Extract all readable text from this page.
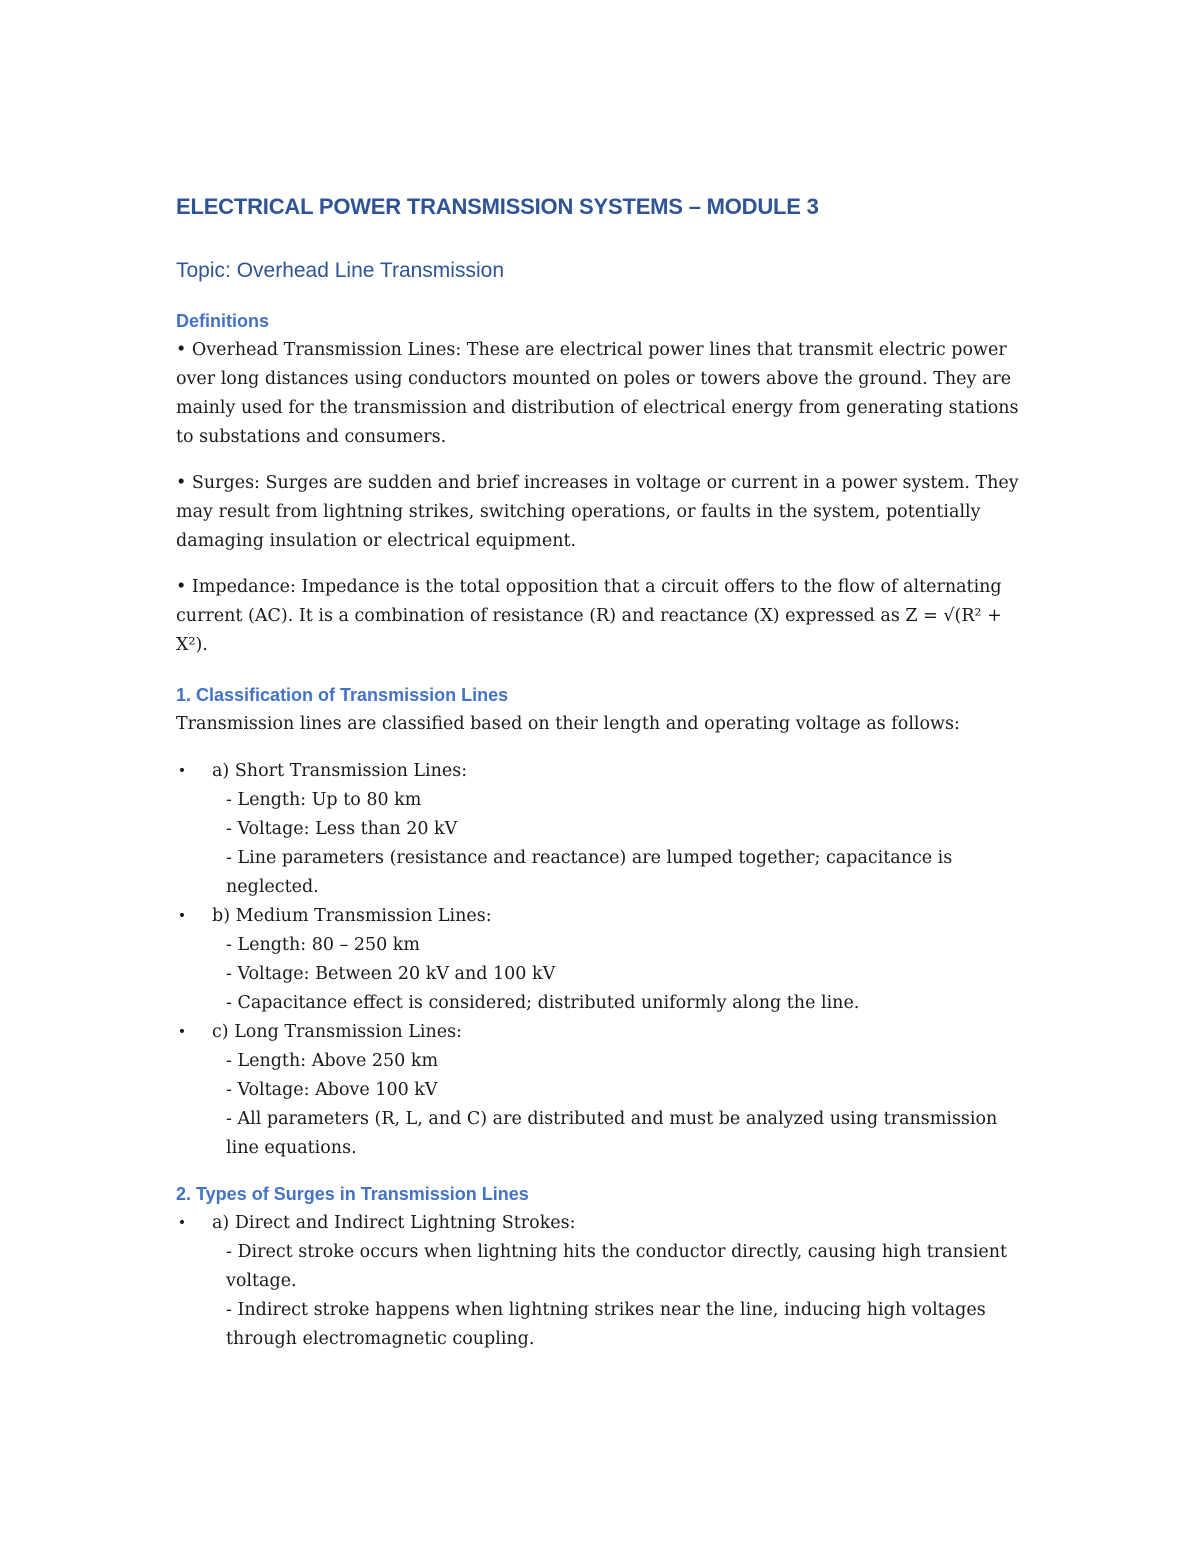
ELECTRICAL POWER TRANSMISSION SYSTEMS – MODULE 3
Topic: Overhead Line Transmission
Definitions

• Overhead Transmission Lines: These are electrical power lines that transmit electric power over long distances using conductors mounted on poles or towers above the ground. They are mainly used for the transmission and distribution of electrical energy from generating stations to substations and consumers.

• Surges: Surges are sudden and brief increases in voltage or current in a power system. They may result from lightning strikes, switching operations, or faults in the system, potentially damaging insulation or electrical equipment.

• Impedance: Impedance is the total opposition that a circuit offers to the flow of alternating current (AC). It is a combination of resistance (R) and reactance (X) expressed as Z = √(R² + X²).

1. Classification of Transmission Lines

Transmission lines are classified based on their length and operating voltage as follows:

• a) Short Transmission Lines:
- Length: Up to 80 km
- Voltage: Less than 20 kV
- Line parameters (resistance and reactance) are lumped together; capacitance is neglected.
• b) Medium Transmission Lines:
- Length: 80 – 250 km
- Voltage: Between 20 kV and 100 kV
- Capacitance effect is considered; distributed uniformly along the line.
• c) Long Transmission Lines:
- Length: Above 250 km
- Voltage: Above 100 kV
- All parameters (R, L, and C) are distributed and must be analyzed using transmission line equations.
2. Types of Surges in Transmission Lines
• a) Direct and Indirect Lightning Strokes:
- Direct stroke occurs when lightning hits the conductor directly, causing high transient voltage.
- Indirect stroke happens when lightning strikes near the line, inducing high voltages through electromagnetic coupling.
